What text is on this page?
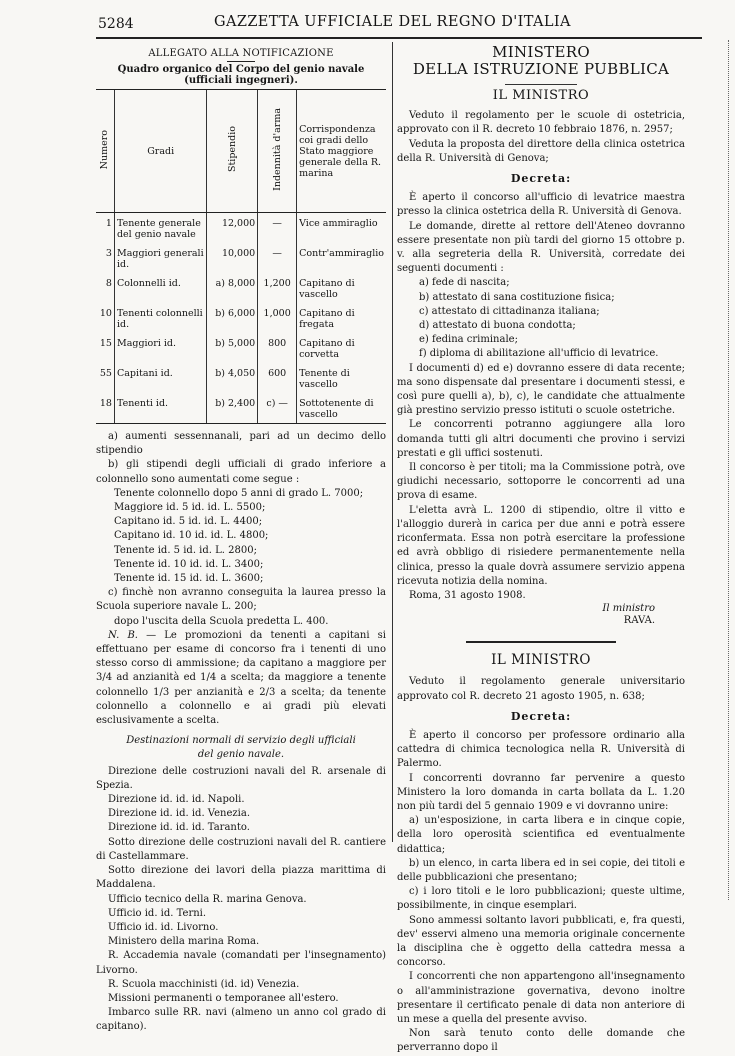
5284	GAZZETTA UFFICIALE DEL REGNO D'ITALIA
ALLEGATO ALLA NOTIFICAZIONE
Quadro organico del Corpo del genio navale (ufficiali ingegneri).
Numero	Gradi	Stipendio	Indennità d'arma	Corrispondenza coi gradi dello Stato maggiore generale della R. marina
1	Tenente generale del genio navale	12,000	—	Vice ammiraglio
3	Maggiori generali id.	10,000	—	Contr'ammiraglio
8	Colonnelli id.	a) 8,000	1,200	Capitano di vascello
10	Tenenti colonnelli id.	b) 6,000	1,000	Capitano di fregata
15	Maggiori id.	b) 5,000	800	Capitano di corvetta
55	Capitani id.	b) 4,050	600	Tenente di vascello
18	Tenenti id.	b) 2,400	c) —	Sottotenente di vascello

a) aumenti sessennanali, pari ad un decimo dello stipendio

b) gli stipendi degli ufficiali di grado inferiore a colonnello sono aumentati come segue :

Tenente colonnello dopo 5 anni di grado L. 7000;

Maggiore id. 5 id. id. L. 5500;

Capitano id. 5 id. id. L. 4400;

Capitano id. 10 id. id. L. 4800;

Tenente id. 5 id. id. L. 2800;

Tenente id. 10 id. id. L. 3400;

Tenente id. 15 id. id. L. 3600;

c) finchè non avranno conseguita la laurea presso la Scuola superiore navale L. 200;

dopo l'uscita della Scuola predetta L. 400.

N. B. — Le promozioni da tenenti a capitani si effettuano per esame di concorso fra i tenenti di uno stesso corso di ammissione; da capitano a maggiore per 3/4 ad anzianità ed 1/4 a scelta; da maggiore a tenente colonnello 1/3 per anzianità e 2/3 a scelta; da tenente colonnello a colonnello e ai gradi più elevati esclusivamente a scelta.

Destinazioni normali di servizio degli ufficiali
del genio navale.

Direzione delle costruzioni navali del R. arsenale di Spezia.

Direzione id. id. id. Napoli.

Direzione id. id. id. Venezia.

Direzione id. id. id. Taranto.

Sotto direzione delle costruzioni navali del R. cantiere di Castellammare.

Sotto direzione dei lavori della piazza marittima di Maddalena.

Ufficio tecnico della R. marina Genova.

Ufficio id. id. Terni.

Ufficio id. id. Livorno.

Ministero della marina Roma.

R. Accademia navale (comandati per l'insegnamento) Livorno.

R. Scuola macchinisti (id. id) Venezia.

Missioni permanenti o temporanee all'estero.

Imbarco sulle RR. navi (almeno un anno col grado di capitano).

MINISTERO
DELLA ISTRUZIONE PUBBLICA
IL MINISTRO

Veduto il regolamento per le scuole di ostetricia, approvato con il R. decreto 10 febbraio 1876, n. 2957;

Veduta la proposta del direttore della clinica ostetrica della R. Università di Genova;

Decreta:

È aperto il concorso all'ufficio di levatrice maestra presso la clinica ostetrica della R. Università di Genova.

Le domande, dirette al rettore dell'Ateneo dovranno essere presentate non più tardi del giorno 15 ottobre p. v. alla segreteria della R. Università, corredate dei seguenti documenti :

a) fede di nascita;

b) attestato di sana costituzione fisica;

c) attestato di cittadinanza italiana;

d) attestato di buona condotta;

e) fedina criminale;

f) diploma di abilitazione all'ufficio di levatrice.

I documenti d) ed e) dovranno essere di data recente; ma sono dispensate dal presentare i documenti stessi, e così pure quelli a), b), c), le candidate che attualmente già prestino servizio presso istituti o scuole ostetriche.

Le concorrenti potranno aggiungere alla loro domanda tutti gli altri documenti che provino i servizi prestati e gli uffici sostenuti.

Il concorso è per titoli; ma la Commissione potrà, ove giudichi necessario, sottoporre le concorrenti ad una prova di esame.

L'eletta avrà L. 1200 di stipendio, oltre il vitto e l'alloggio durerà in carica per due anni e potrà essere riconfermata. Essa non potrà esercitare la professione ed avrà obbligo di risiedere permanentemente nella clinica, presso la quale dovrà assumere servizio appena ricevuta notizia della nomina.

Roma, 31 agosto 1908.

Il ministro
RAVA.
IL MINISTRO

Veduto il regolamento generale universitario approvato col R. decreto 21 agosto 1905, n. 638;

Decreta:

È aperto il concorso per professore ordinario alla cattedra di chimica tecnologica nella R. Università di Palermo.

I concorrenti dovranno far pervenire a questo Ministero la loro domanda in carta bollata da L. 1.20 non più tardi del 5 gennaio 1909 e vi dovranno unire:

a) un'esposizione, in carta libera e in cinque copie, della loro operosità scientifica ed eventualmente didattica;

b) un elenco, in carta libera ed in sei copie, dei titoli e delle pubblicazioni che presentano;

c) i loro titoli e le loro pubblicazioni; queste ultime, possibilmente, in cinque esemplari.

Sono ammessi soltanto lavori pubblicati, e, fra questi, dev' esservi almeno una memoria originale concernente la disciplina che è oggetto della cattedra messa a concorso.

I concorrenti che non appartengono all'insegnamento o all'amministrazione governativa, devono inoltre presentare il certificato penale di data non anteriore di un mese a quella del presente avviso.

Non sarà tenuto conto delle domande che perverranno dopo il
